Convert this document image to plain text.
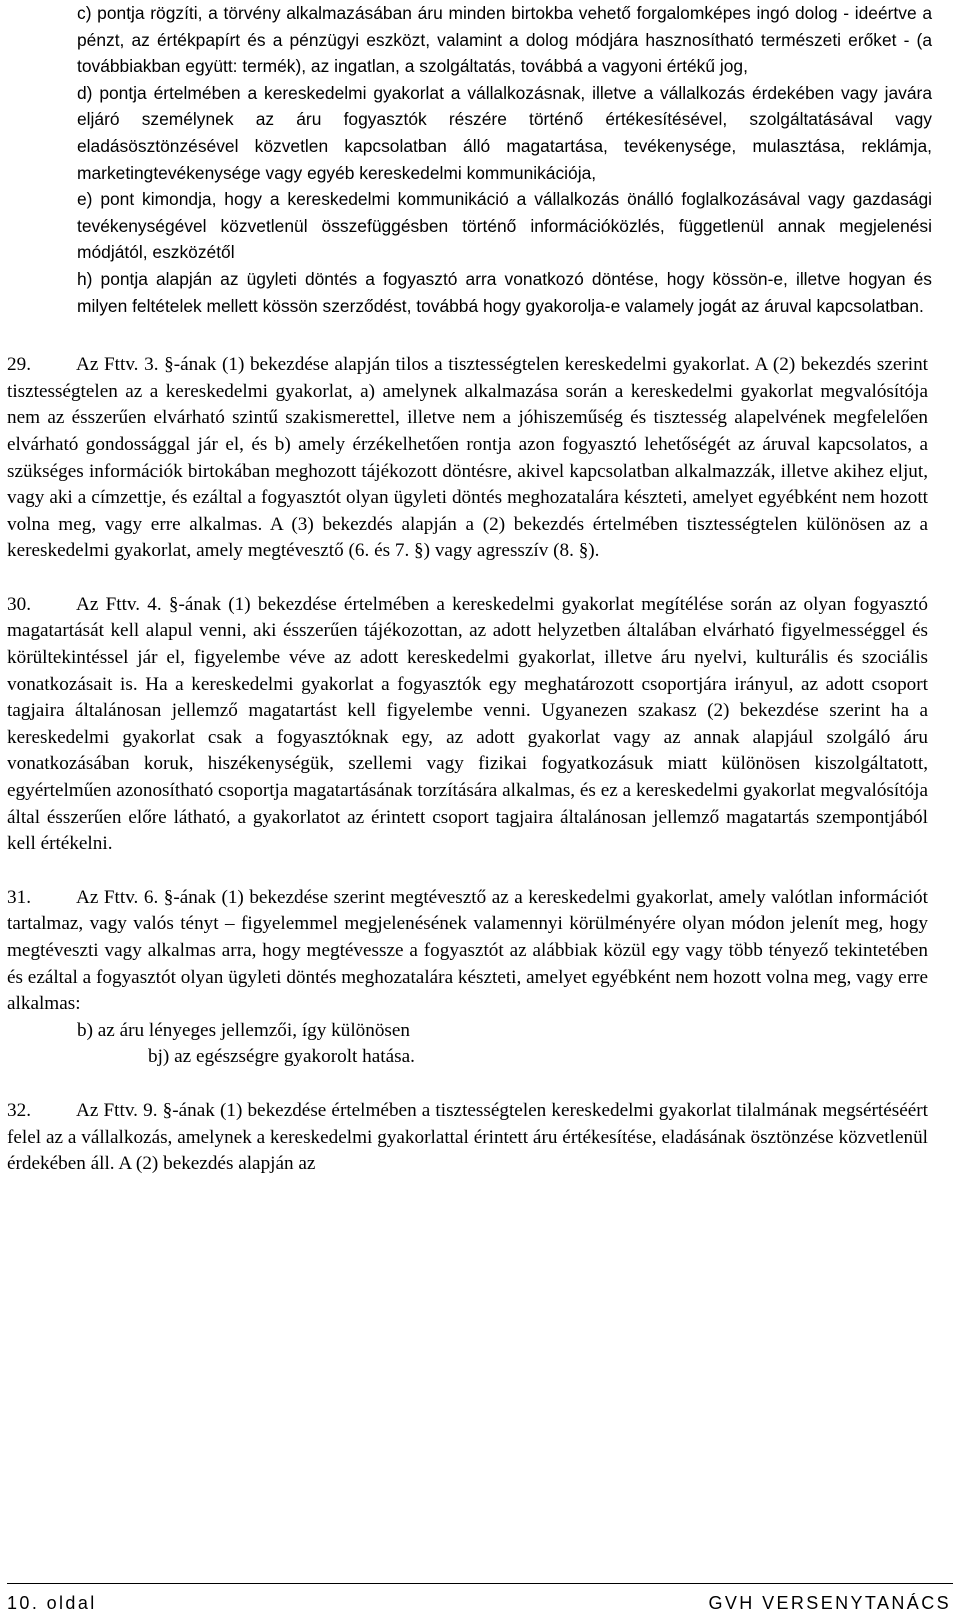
c) pontja rögzíti, a törvény alkalmazásában áru minden birtokba vehető forgalomképes ingó dolog - ideértve a pénzt, az értékpapírt és a pénzügyi eszközt, valamint a dolog módjára hasznosítható természeti erőket - (a továbbiakban együtt: termék), az ingatlan, a szolgáltatás, továbbá a vagyoni értékű jog,

d) pontja értelmében a kereskedelmi gyakorlat a vállalkozásnak, illetve a vállalkozás érdekében vagy javára eljáró személynek az áru fogyasztók részére történő értékesítésével, szolgáltatásával vagy eladásösztönzésével közvetlen kapcsolatban álló magatartása, tevékenysége, mulasztása, reklámja, marketingtevékenysége vagy egyéb kereskedelmi kommunikációja,

e) pont kimondja, hogy a kereskedelmi kommunikáció a vállalkozás önálló foglalkozásával vagy gazdasági tevékenységével közvetlenül összefüggésben történő információközlés, függetlenül annak megjelenési módjától, eszközétől

h) pontja alapján az ügyleti döntés a fogyasztó arra vonatkozó döntése, hogy kössön-e, illetve hogyan és milyen feltételek mellett kössön szerződést, továbbá hogy gyakorolja-e valamely jogát az áruval kapcsolatban.

29. Az Fttv. 3. §-ának (1) bekezdése alapján tilos a tisztességtelen kereskedelmi gyakorlat. A (2) bekezdés szerint tisztességtelen az a kereskedelmi gyakorlat, a) amelynek alkalmazása során a kereskedelmi gyakorlat megvalósítója nem az ésszerűen elvárható szintű szakismerettel, illetve nem a jóhiszeműség és tisztesség alapelvének megfelelően elvárható gondossággal jár el, és b) amely érzékelhetően rontja azon fogyasztó lehetőségét az áruval kapcsolatos, a szükséges információk birtokában meghozott tájékozott döntésre, akivel kapcsolatban alkalmazzák, illetve akihez eljut, vagy aki a címzettje, és ezáltal a fogyasztót olyan ügyleti döntés meghozatalára készteti, amelyet egyébként nem hozott volna meg, vagy erre alkalmas. A (3) bekezdés alapján a (2) bekezdés értelmében tisztességtelen különösen az a kereskedelmi gyakorlat, amely megtévesztő (6. és 7. §) vagy agresszív (8. §).

30. Az Fttv. 4. §-ának (1) bekezdése értelmében a kereskedelmi gyakorlat megítélése során az olyan fogyasztó magatartását kell alapul venni, aki ésszerűen tájékozottan, az adott helyzetben általában elvárható figyelmességgel és körültekintéssel jár el, figyelembe véve az adott kereskedelmi gyakorlat, illetve áru nyelvi, kulturális és szociális vonatkozásait is. Ha a kereskedelmi gyakorlat a fogyasztók egy meghatározott csoportjára irányul, az adott csoport tagjaira általánosan jellemző magatartást kell figyelembe venni. Ugyanezen szakasz (2) bekezdése szerint ha a kereskedelmi gyakorlat csak a fogyasztóknak egy, az adott gyakorlat vagy az annak alapjául szolgáló áru vonatkozásában koruk, hiszékenységük, szellemi vagy fizikai fogyatkozásuk miatt különösen kiszolgáltatott, egyértelműen azonosítható csoportja magatartásának torzítására alkalmas, és ez a kereskedelmi gyakorlat megvalósítója által ésszerűen előre látható, a gyakorlatot az érintett csoport tagjaira általánosan jellemző magatartás szempontjából kell értékelni.

31. Az Fttv. 6. §-ának (1) bekezdése szerint megtévesztő az a kereskedelmi gyakorlat, amely valótlan információt tartalmaz, vagy valós tényt – figyelemmel megjelenésének valamennyi körülményére olyan módon jelenít meg, hogy megtéveszti vagy alkalmas arra, hogy megtévessze a fogyasztót az alábbiak közül egy vagy több tényező tekintetében és ezáltal a fogyasztót olyan ügyleti döntés meghozatalára készteti, amelyet egyébként nem hozott volna meg, vagy erre alkalmas:

b) az áru lényeges jellemzői, így különösen

bj) az egészségre gyakorolt hatása.

32. Az Fttv. 9. §-ának (1) bekezdése értelmében a tisztességtelen kereskedelmi gyakorlat tilalmának megsértéséért felel az a vállalkozás, amelynek a kereskedelmi gyakorlattal érintett áru értékesítése, eladásának ösztönzése közvetlenül érdekében áll. A (2) bekezdés alapján az

10. oldal	GVH VERSENYTANÁCS
